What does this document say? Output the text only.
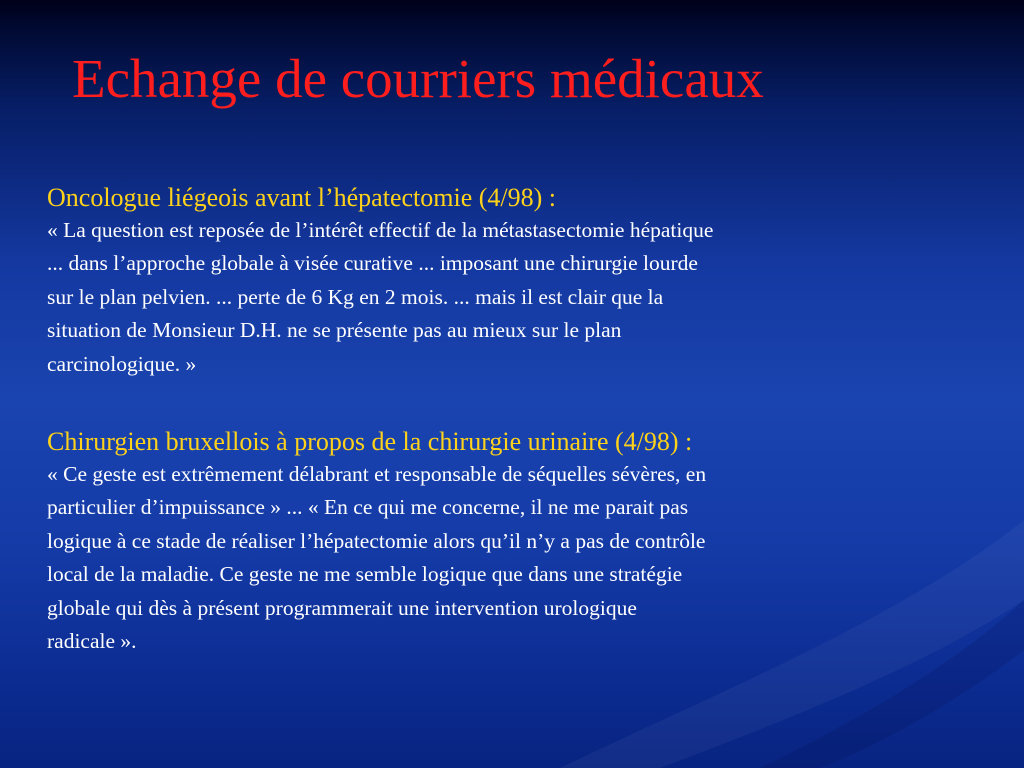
Echange de courriers médicaux

Oncologue liégeois avant l’hépatectomie (4/98) :

« La question est reposée de l’intérêt effectif de la métastasectomie hépatique
... dans l’approche globale à visée curative ... imposant une chirurgie lourde
sur le plan pelvien. ... perte de 6 Kg en 2 mois. ... mais il est clair que la
situation de Monsieur D.H. ne se présente pas au mieux sur le plan
carcinologique. »

Chirurgien bruxellois à propos de la chirurgie urinaire (4/98) :

« Ce geste est extrêmement délabrant et responsable de séquelles sévères, en
particulier d’impuissance » ... « En ce qui me concerne, il ne me parait pas
logique à ce stade de réaliser l’hépatectomie alors qu’il n’y a pas de contrôle
local de la maladie. Ce geste ne me semble logique que dans une stratégie
globale qui dès à présent programmerait une intervention urologique
radicale ».
